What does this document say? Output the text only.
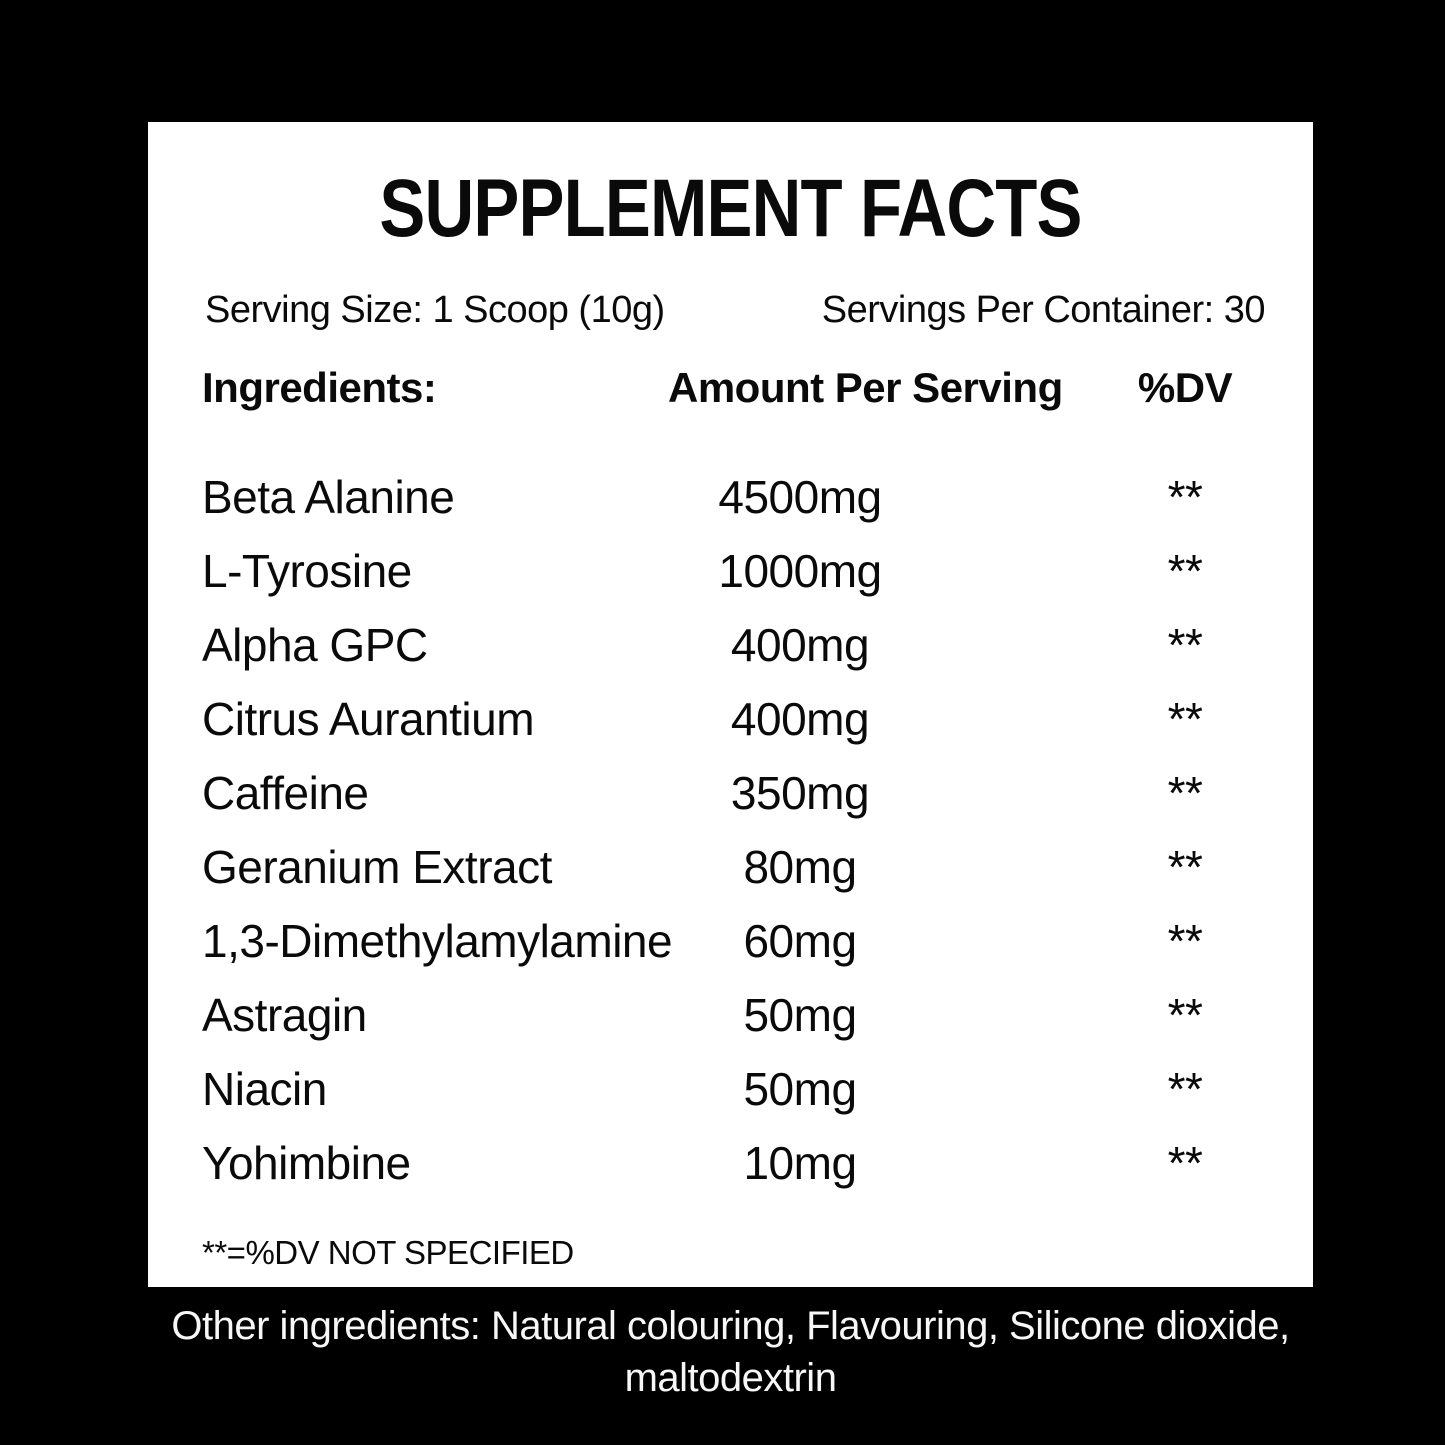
SUPPLEMENT FACTS
Serving Size: 1 Scoop (10g)	Servings Per Container: 30
Ingredients:	Amount Per Serving	%DV
Beta Alanine	4500mg	**
L-Tyrosine	1000mg	**
Alpha GPC	400mg	**
Citrus Aurantium	400mg	**
Caffeine	350mg	**
Geranium Extract	80mg	**
1,3-Dimethylamylamine	60mg	**
Astragin	50mg	**
Niacin	50mg	**
Yohimbine	10mg	**
**=%DV NOT SPECIFIED
Other ingredients: Natural colouring, Flavouring, Silicone dioxide, maltodextrin
